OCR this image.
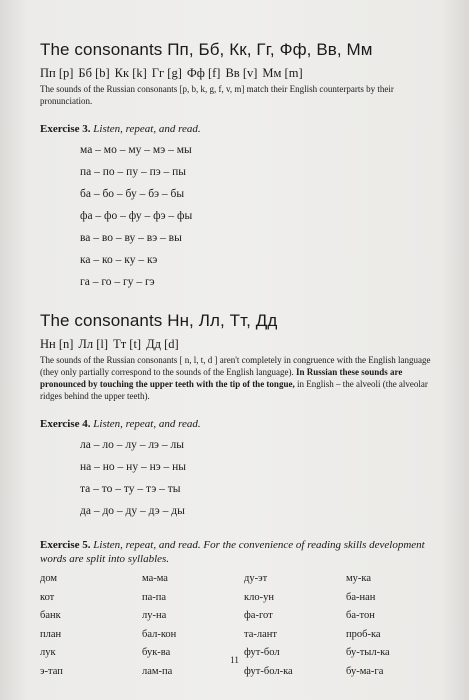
The consonants Пп, Бб, Кк, Гг, Фф, Вв, Мм

Пп [p] Бб [b] Кк [k] Гг [g] Фф [f] Вв [v] Мм [m]

The sounds of the Russian consonants [p, b, k, g, f, v, m] match their English counterparts by their pronunciation.

Exercise 3. Listen, repeat, and read.

ма – мо – му – мэ – мы
па – по – пу – пэ – пы
ба – бо – бу – бэ – бы
фа – фо – фу – фэ – фы
ва – во – ву – вэ – вы
ка – ко – ку – кэ
га – го – гу – гэ
The consonants Нн, Лл, Тт, Дд

Нн [n] Лл [l] Тт [t] Дд [d]

The sounds of the Russian consonants [ n, l, t, d ] aren't completely in congruence with the English language (they only partially correspond to the sounds of the English language). In Russian these sounds are pronounced by touching the upper teeth with the tip of the tongue, in English – the alveoli (the alveolar ridges behind the upper teeth).

Exercise 4. Listen, repeat, and read.

ла – ло – лу – лэ – лы
на – но – ну – нэ – ны
та – то – ту – тэ – ты
да – до – ду – дэ – ды

Exercise 5. Listen, repeat, and read. For the convenience of reading skills development words are split into syllables.

дом	ма-ма	ду-эт	му-ка
кот	па-па	кло-ун	ба-нан
банк	лу-на	фа-гот	ба-тон
план	бал-кон	та-лант	проб-ка
лук	бук-ва	фут-бол	бу-тыл-ка
э-тап	лам-па	фут-бол-ка	бу-ма-га
11
